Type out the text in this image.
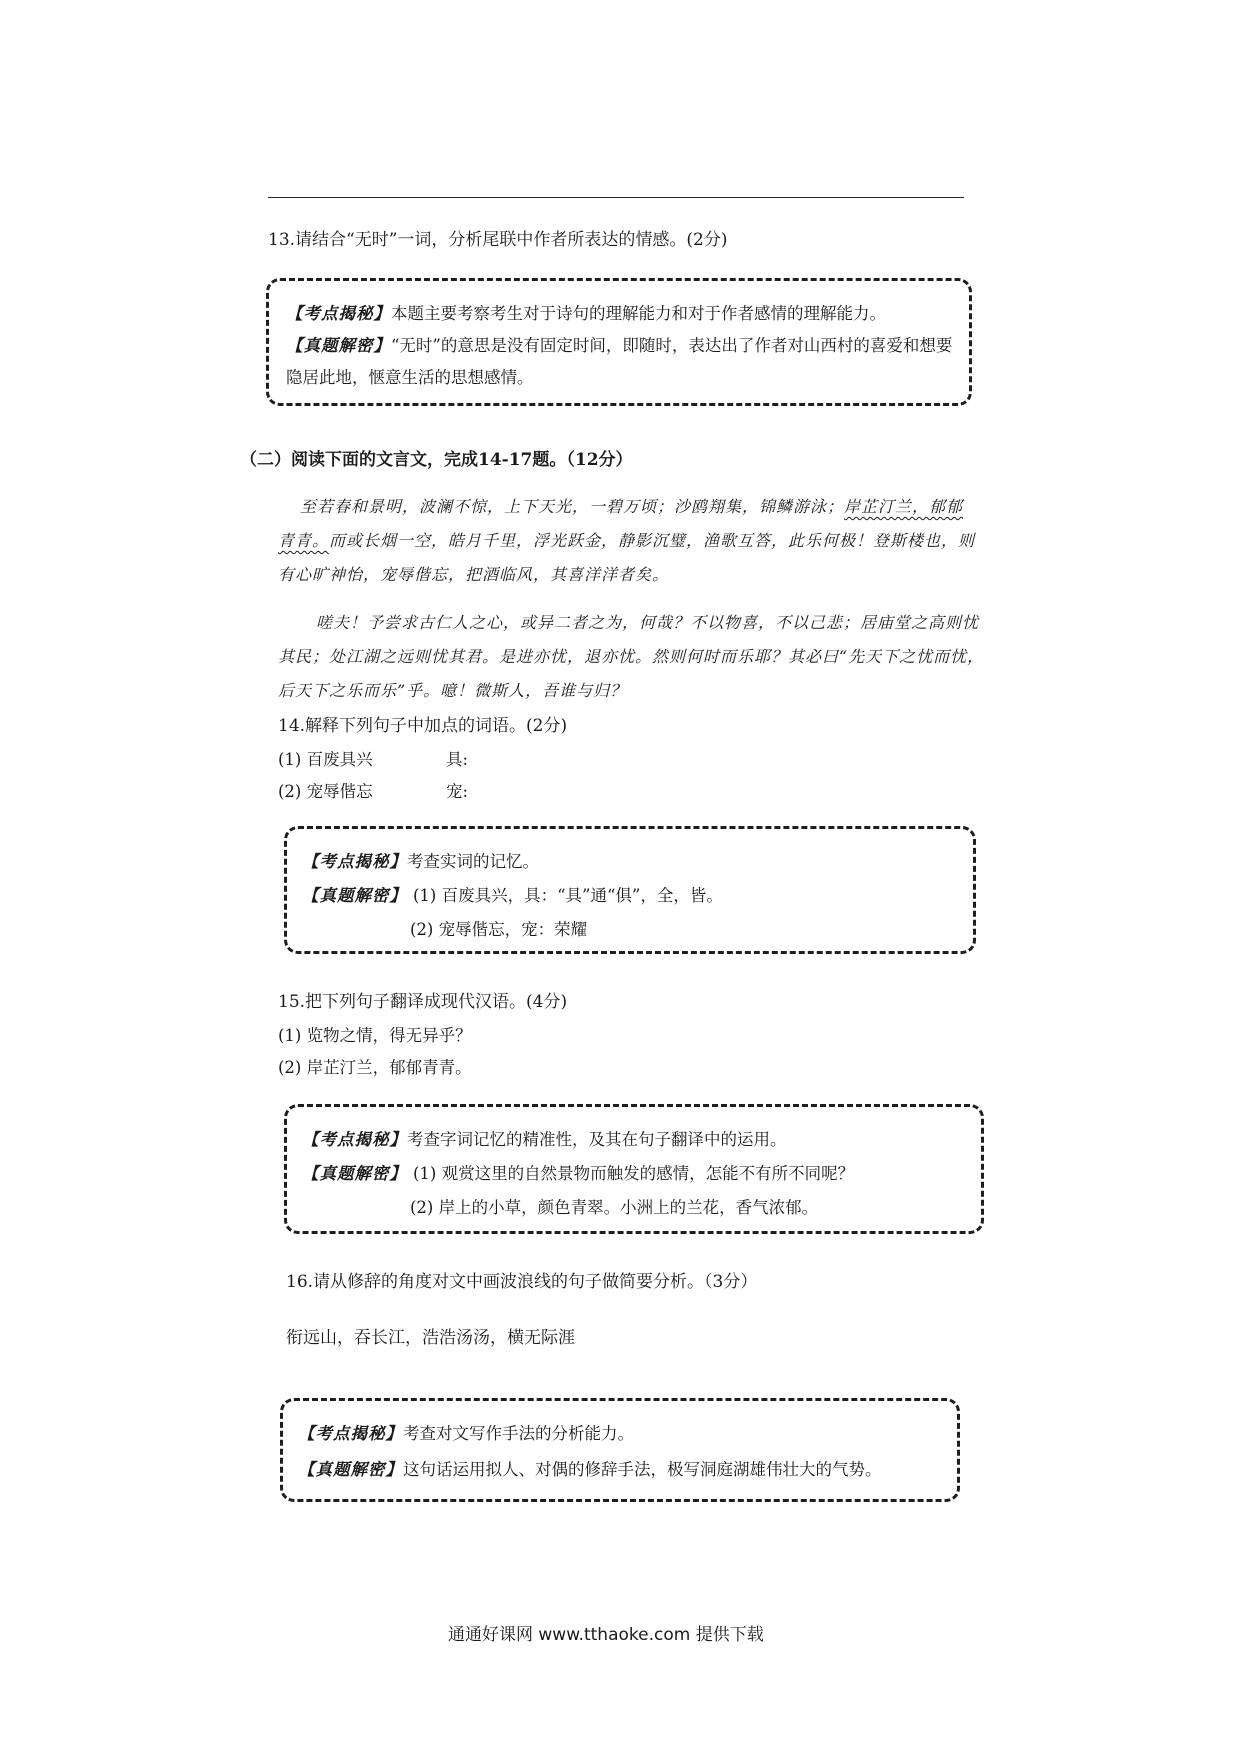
13.请结合“无时”一词，分析尾联中作者所表达的情感。(2分)
【考点揭秘】本题主要考察考生对于诗句的理解能力和对于作者感情的理解能力。
【真题解密】“无时”的意思是没有固定时间，即随时，表达出了作者对山西村的喜爱和想要
隐居此地，惬意生活的思想感情。
（二）阅读下面的文言文，完成14-17题。（12分）
至若春和景明，波澜不惊，上下天光，一碧万顷；沙鸥翔集，锦鳞游泳；岸芷汀兰，郁郁
青青。而或长烟一空，皓月千里，浮光跃金，静影沉璧，渔歌互答，此乐何极！登斯楼也，则
有心旷神怡，宠辱偕忘，把酒临风，其喜洋洋者矣。
嗟夫！予尝求古仁人之心，或异二者之为，何哉？不以物喜，不以己悲；居庙堂之高则忧
其民；处江湖之远则忧其君。是进亦忧，退亦忧。然则何时而乐耶？其必曰“先天下之忧而忧，
后天下之乐而乐”乎。噫！微斯人，吾谁与归？
14.解释下列句子中加点的词语。(2分)
(1) 百废具兴	具:
(2) 宠辱偕忘	宠:
【考点揭秘】考查实词的记忆。
【真题解密】 (1) 百废具兴，具：“具”通“俱”，全，皆。
(2) 宠辱偕忘，宠：荣耀
15.把下列句子翻译成现代汉语。(4分)
(1) 览物之情，得无异乎？
(2) 岸芷汀兰，郁郁青青。
【考点揭秘】考查字词记忆的精准性，及其在句子翻译中的运用。
【真题解密】 (1) 观赏这里的自然景物而触发的感情，怎能不有所不同呢？
(2) 岸上的小草，颜色青翠。小洲上的兰花，香气浓郁。
16.请从修辞的角度对文中画波浪线的句子做简要分析。（3分）
衔远山，吞长江，浩浩汤汤，横无际涯
【考点揭秘】考查对文写作手法的分析能力。
【真题解密】这句话运用拟人、对偶的修辞手法，极写洞庭湖雄伟壮大的气势。
通通好课网 www.tthaoke.com 提供下载
